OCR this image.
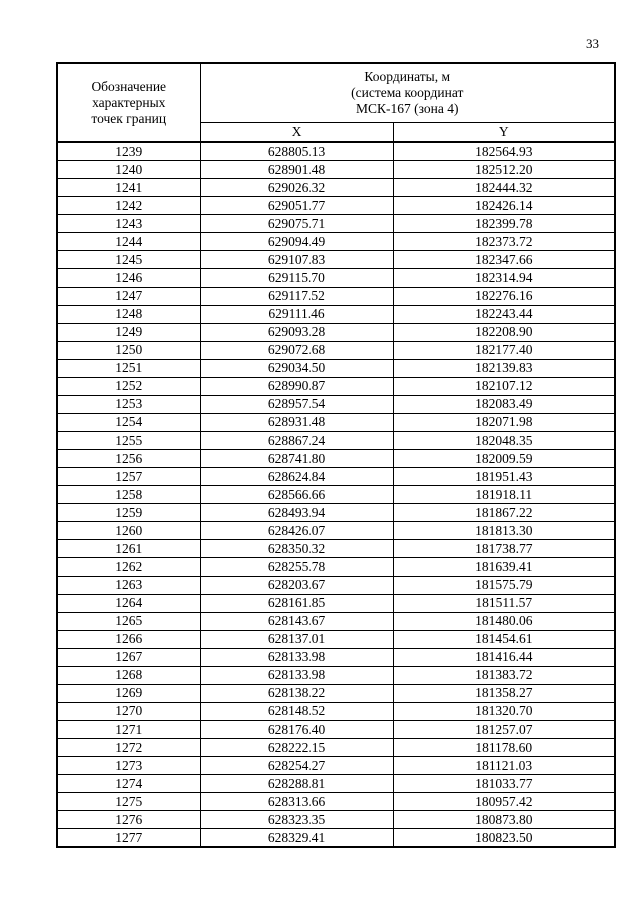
33
Обозначение
характерных
точек границ	Координаты, м
(система координат
МСК-167 (зона 4)	

	X	Y
1239	628805.13	182564.93
1240	628901.48	182512.20
1241	629026.32	182444.32
1242	629051.77	182426.14
1243	629075.71	182399.78
1244	629094.49	182373.72
1245	629107.83	182347.66
1246	629115.70	182314.94
1247	629117.52	182276.16
1248	629111.46	182243.44
1249	629093.28	182208.90
1250	629072.68	182177.40
1251	629034.50	182139.83
1252	628990.87	182107.12
1253	628957.54	182083.49
1254	628931.48	182071.98
1255	628867.24	182048.35
1256	628741.80	182009.59
1257	628624.84	181951.43
1258	628566.66	181918.11
1259	628493.94	181867.22
1260	628426.07	181813.30
1261	628350.32	181738.77
1262	628255.78	181639.41
1263	628203.67	181575.79
1264	628161.85	181511.57
1265	628143.67	181480.06
1266	628137.01	181454.61
1267	628133.98	181416.44
1268	628133.98	181383.72
1269	628138.22	181358.27
1270	628148.52	181320.70
1271	628176.40	181257.07
1272	628222.15	181178.60
1273	628254.27	181121.03
1274	628288.81	181033.77
1275	628313.66	180957.42
1276	628323.35	180873.80
1277	628329.41	180823.50
